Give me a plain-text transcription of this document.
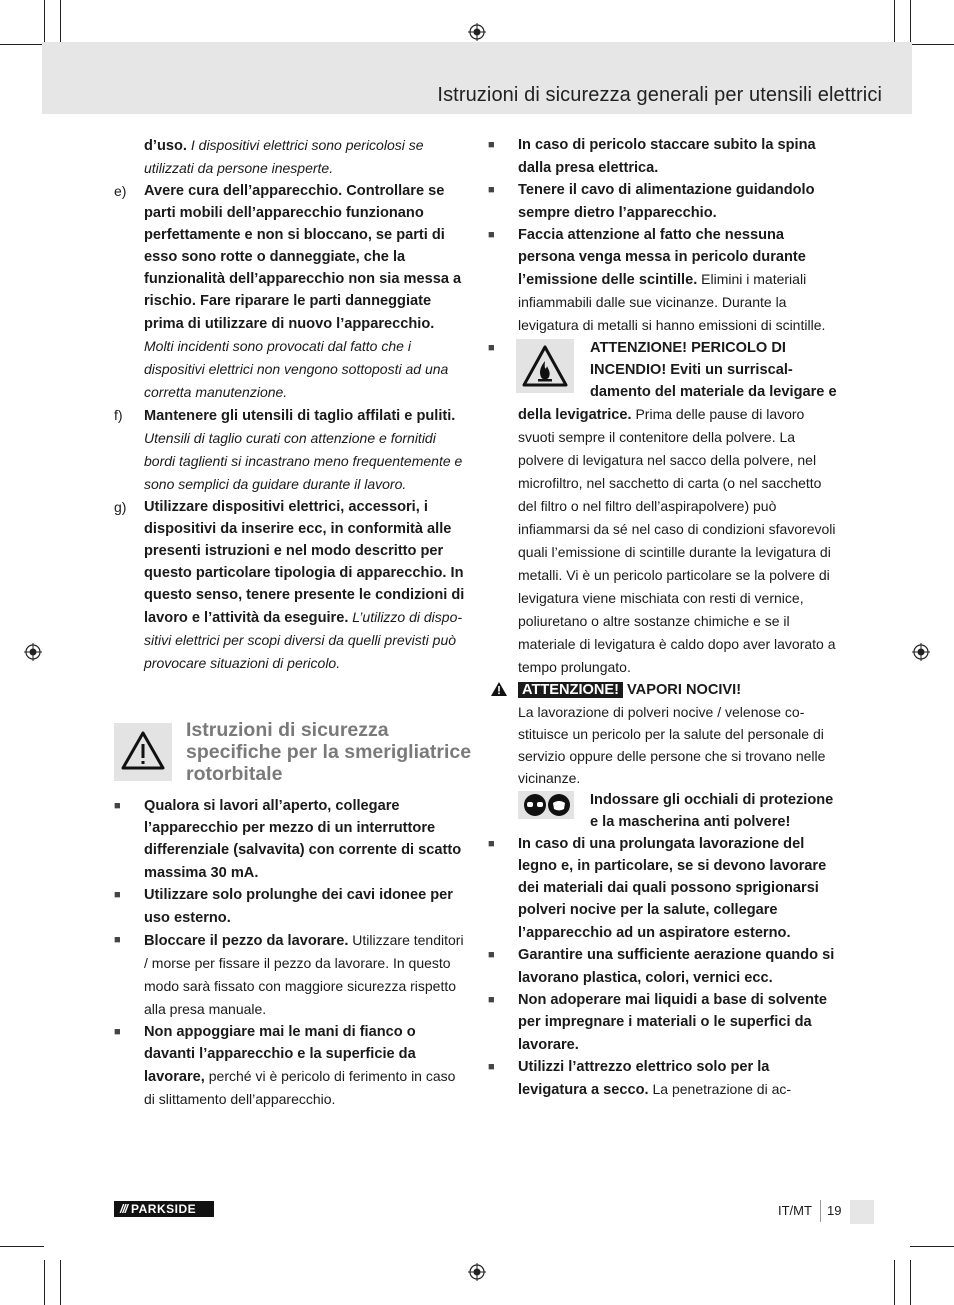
Istruzioni di sicurezza generali per utensili elettrici
d’uso. I dispositivi elettrici sono pericolosi se utilizzati da persone inesperte.
e) Avere cura dell’apparecchio. Controllare se parti mobili dell’apparecchio funzionano perfettamente e non si bloccano, se parti di esso sono rotte o danneggiate, che la funzionalità dell’apparecchio non sia messa a rischio. Fare riparare le parti danneggiate prima di utilizzare di nuovo l’apparecchio. Molti incidenti sono provocati dal fatto che i dispositivi elettrici non vengono sottoposti ad una corretta manutenzione.
f) Mantenere gli utensili di taglio affilati e puliti. Utensili di taglio curati con attenzione e fornitidi bordi taglienti si incastrano meno frequentemente e sono semplici da guidare durante il lavoro.
g) Utilizzare dispositivi elettrici, accessori, i dispositivi da inserire ecc, in conformità alle presenti istruzioni e nel modo descritto per questo particolare tipologia di apparecchio. In questo senso, tenere presente le condizioni di lavoro e l’attività da eseguire. L’utilizzo di dispositivi elettrici per scopi diversi da quelli previsti può provocare situazioni di pericolo.
Istruzioni di sicurezza specifiche per la smerigliatrice rotorbitale
■ Qualora si lavori all’aperto, collegare l’apparecchio per mezzo di un interruttore differenziale (salvavita) con corrente di scatto massima 30 mA.
■ Utilizzare solo prolunghe dei cavi idonee per uso esterno.
■ Bloccare il pezzo da lavorare. Utilizzare tenditori / morse per fissare il pezzo da lavorare. In questo modo sarà fissato con maggiore sicurezza rispetto alla presa manuale.
■ Non appoggiare mai le mani di fianco o davanti l’apparecchio e la superficie da lavorare, perché vi è pericolo di ferimento in caso di slittamento dell’apparecchio.
■ In caso di pericolo staccare subito la spina dalla presa elettrica.
■ Tenere il cavo di alimentazione guidandolo sempre dietro l’apparecchio.
■ Faccia attenzione al fatto che nessuna persona venga messa in pericolo durante l’emissione delle scintille. Elimini i materiali infiammabili dalle sue vicinanze. Durante la levigatura di metalli si hanno emissioni di scintille.
■	ATTENZIONE! PERICOLO DI INCENDIO! Eviti un surriscaldamento del materiale da levigare e della levigatrice. Prima delle pause di lavoro svuoti sempre il contenitore della polvere. La polvere di levigatura nel sacco della polvere, nel microfiltro, nel sacchetto di carta (o nel sacchetto del filtro o nel filtro dell’aspirapolvere) può infiammarsi da sé nel caso di condizioni sfavorevoli quali l’emissione di scintille durante la levigatura di metalli. Vi è un pericolo particolare se la polvere di levigatura viene mischiata con resti di vernice, poliuretano o altre sostanze chimiche e se il materiale di levigatura è caldo dopo aver lavorato a tempo prolungato.
ATTENZIONE! VAPORI NOCIVI!
La lavorazione di polveri nocive / velenose costituisce un pericolo per la salute del personale di servizio oppure delle persone che si trovano nelle vicinanze.
Indossare gli occhiali di protezione e la mascherina anti polvere!
■ In caso di una prolungata lavorazione del legno e, in particolare, se si devono lavorare dei materiali dai quali possono sprigionarsi polveri nocive per la salute, collegare l’apparecchio ad un aspiratore esterno.
■ Garantire una sufficiente aerazione quando si lavorano plastica, colori, vernici ecc.
■ Non adoperare mai liquidi a base di solvente per impregnare i materiali o le superfici da lavorare.
■ Utilizzi l’attrezzo elettrico solo per la levigatura a secco. La penetrazione di ac-
/// PARKSIDE	IT/MT 19
